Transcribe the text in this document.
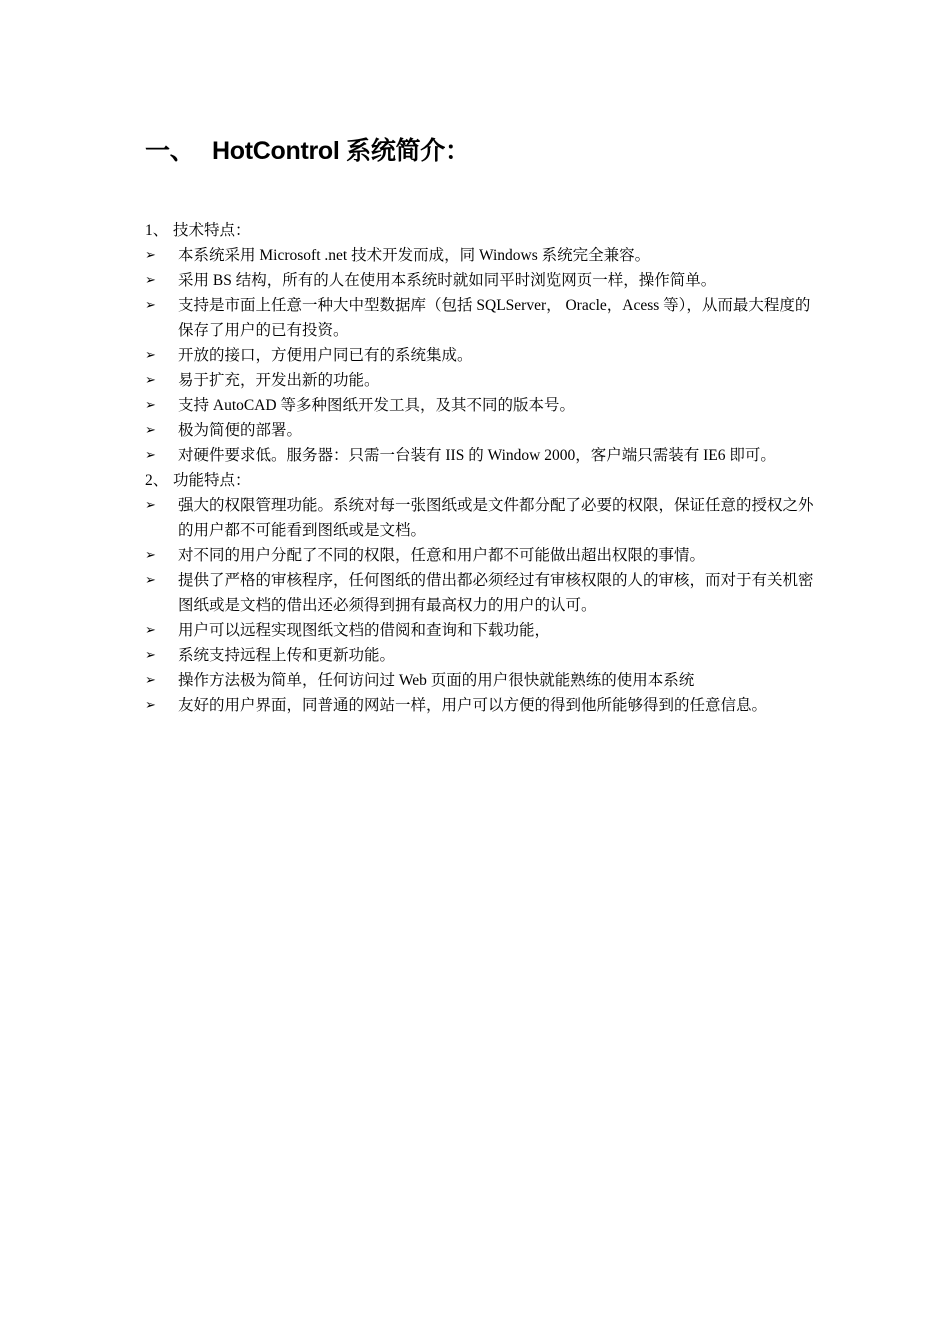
一、 HotControl 系统简介：
1、 技术特点：
➢	本系统采用 Microsoft .net 技术开发而成，同 Windows 系统完全兼容。
➢	采用 BS 结构，所有的人在使用本系统时就如同平时浏览网页一样，操作简单。
➢	支持是市面上任意一种大中型数据库（包括 SQLServer， Oracle，Acess 等），从而最大程度的保存了用户的已有投资。
➢	开放的接口，方便用户同已有的系统集成。
➢	易于扩充，开发出新的功能。
➢	支持 AutoCAD 等多种图纸开发工具，及其不同的版本号。
➢	极为简便的部署。
➢	对硬件要求低。服务器：只需一台装有 IIS 的 Window 2000，客户端只需装有 IE6 即可。
2、 功能特点：
➢	强大的权限管理功能。系统对每一张图纸或是文件都分配了必要的权限，保证任意的授权之外的用户都不可能看到图纸或是文档。
➢	对不同的用户分配了不同的权限，任意和用户都不可能做出超出权限的事情。
➢	提供了严格的审核程序，任何图纸的借出都必须经过有审核权限的人的审核，而对于有关机密图纸或是文档的借出还必须得到拥有最高权力的用户的认可。
➢	用户可以远程实现图纸文档的借阅和查询和下载功能，
➢	系统支持远程上传和更新功能。
➢	操作方法极为简单，任何访问过 Web 页面的用户很快就能熟练的使用本系统
➢	友好的用户界面，同普通的网站一样，用户可以方便的得到他所能够得到的任意信息。
